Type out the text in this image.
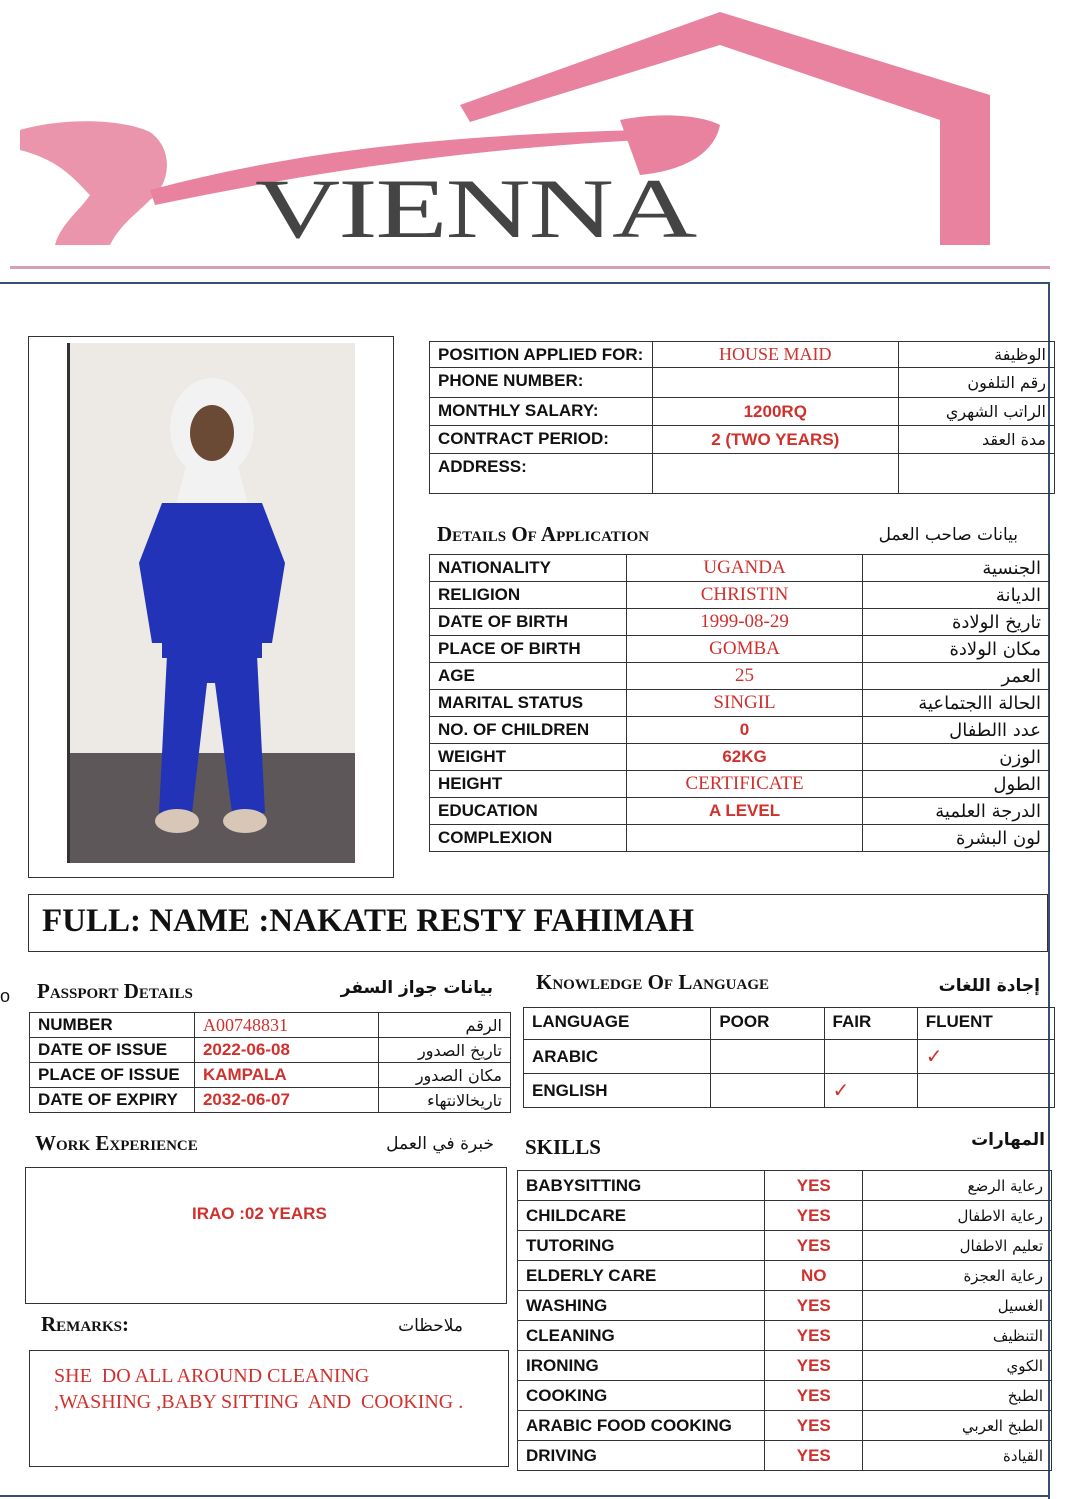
VIENNA
POSITION APPLIED FOR:	HOUSE MAID	الوظيفة
PHONE NUMBER:		رقم التلفون
MONTHLY SALARY:	1200RQ	الراتب الشهري
CONTRACT PERIOD:	2 (TWO YEARS)	مدة العقد
ADDRESS:		
Details Of Application	بيانات صاحب العمل
NATIONALITY	UGANDA	الجنسية
RELIGION	CHRISTIN	الديانة
DATE OF BIRTH	1999-08-29	تاريخ الولادة
PLACE OF BIRTH	GOMBA	مكان الولادة
AGE	25	العمر
MARITAL STATUS	SINGIL	الحالة االجتماعية
NO. OF CHILDREN	0	عدد االطفال
WEIGHT	62KG	الوزن
HEIGHT	CERTIFICATE	الطول
EDUCATION	A LEVEL	الدرجة العلمية
COMPLEXION		لون البشرة
FULL: NAME :NAKATE RESTY FAHIMAH
o Passport Details	بيانات جواز السفر
NUMBER	A00748831	الرقم
DATE OF ISSUE	2022-06-08	تاريخ الصدور
PLACE OF ISSUE	KAMPALA	مكان الصدور
DATE OF EXPIRY	2032-06-07	تاريخالانتهاء
Knowledge Of Language	إجادة اللغات
LANGUAGE	POOR	FAIR	FLUENT
ARABIC			✓
ENGLISH		✓	
Work Experience	خبرة في العمل
IRAO :02 YEARS
Remarks:	ملاحظات
SHE  DO ALL AROUND CLEANING
,WASHING ,BABY SITTING  AND  COOKING .
SKILLS	المهارات
BABYSITTING	YES	رعاية الرضع
CHILDCARE	YES	رعاية الاطفال
TUTORING	YES	تعليم الاطفال
ELDERLY CARE	NO	رعاية العجزة
WASHING	YES	الغسيل
CLEANING	YES	التنظيف
IRONING	YES	الكوي
COOKING	YES	الطبخ
ARABIC FOOD COOKING	YES	الطبخ العربي
DRIVING	YES	القيادة
